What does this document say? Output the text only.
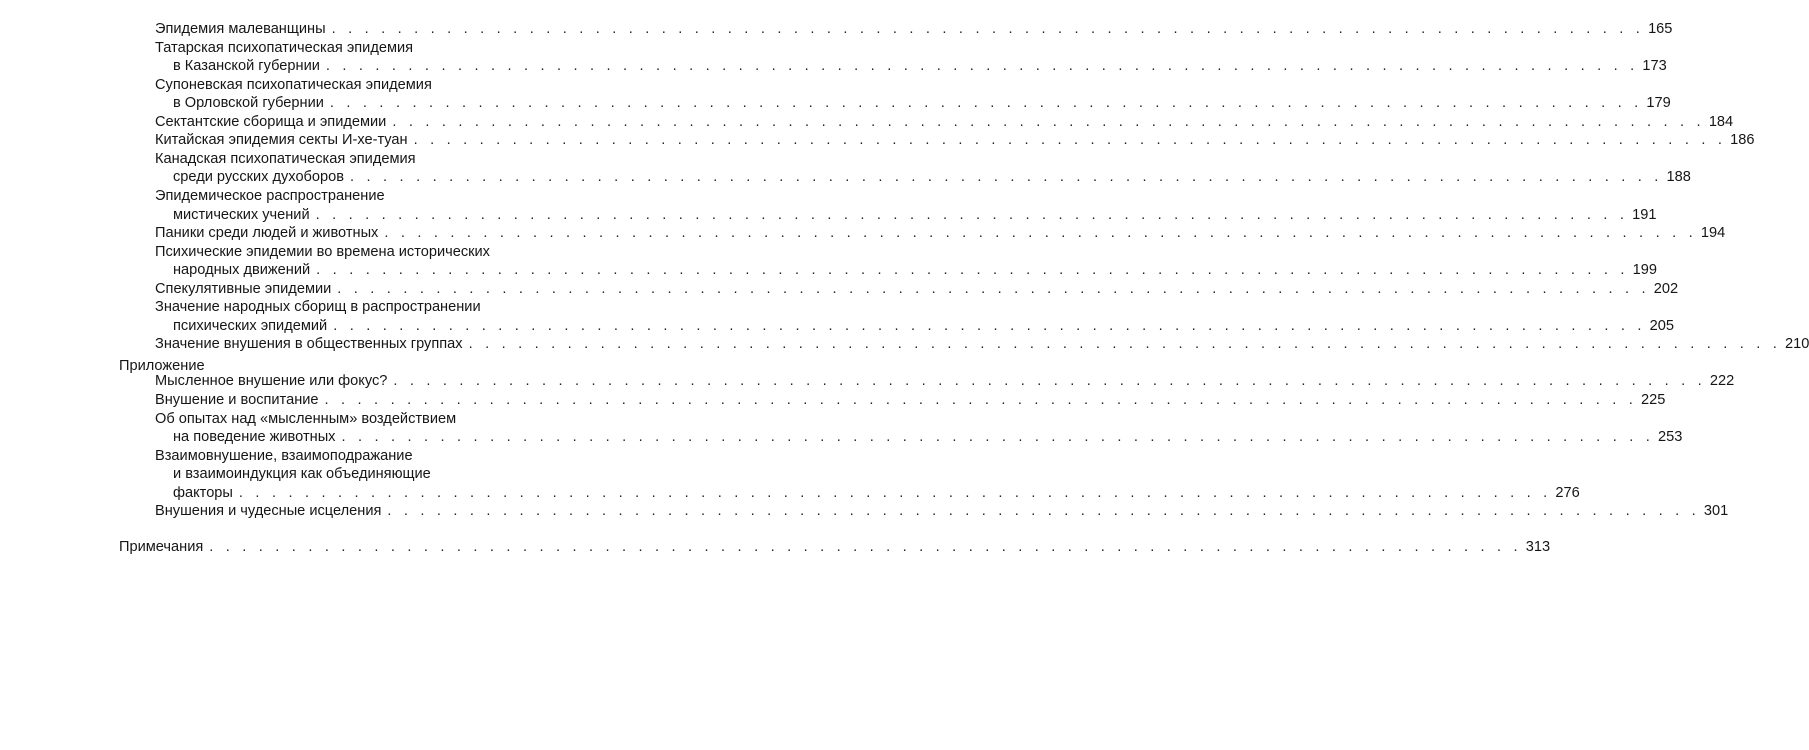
Эпидемия малеванщины . . . . . . . . . . . . . . . . . . . . . . . . . . . . . . . . . . . . . . . . . . . . . . . . . . . . . . . . . . . . . . . . . . . . . . . . . . . . . . . . 165
Татарская психопатическая эпидемия
в Казанской губернии . . . . . . . . . . . . . . . . . . . . . . . . . . . . . . . . . . . . . . . . . . . . . . . . . . . . . . . . . . . . . . . . . . . . . . . . . . . . . . . . 173
Супоневская психопатическая эпидемия
в Орловской губернии . . . . . . . . . . . . . . . . . . . . . . . . . . . . . . . . . . . . . . . . . . . . . . . . . . . . . . . . . . . . . . . . . . . . . . . . . . . . . . . . 179
Сектантские сборища и эпидемии . . . . . . . . . . . . . . . . . . . . . . . . . . . . . . . . . . . . . . . . . . . . . . . . . . . . . . . . . . . . . . . . . . . . . . . . . . . . . . . . 184
Китайская эпидемия секты И-хе-туан . . . . . . . . . . . . . . . . . . . . . . . . . . . . . . . . . . . . . . . . . . . . . . . . . . . . . . . . . . . . . . . . . . . . . . . . . . . . . . . . 186
Канадская психопатическая эпидемия
среди русских духоборов . . . . . . . . . . . . . . . . . . . . . . . . . . . . . . . . . . . . . . . . . . . . . . . . . . . . . . . . . . . . . . . . . . . . . . . . . . . . . . . . 188
Эпидемическое распространение
мистических учений . . . . . . . . . . . . . . . . . . . . . . . . . . . . . . . . . . . . . . . . . . . . . . . . . . . . . . . . . . . . . . . . . . . . . . . . . . . . . . . . 191
Паники среди людей и животных . . . . . . . . . . . . . . . . . . . . . . . . . . . . . . . . . . . . . . . . . . . . . . . . . . . . . . . . . . . . . . . . . . . . . . . . . . . . . . . . 194
Психические эпидемии во времена исторических
народных движений . . . . . . . . . . . . . . . . . . . . . . . . . . . . . . . . . . . . . . . . . . . . . . . . . . . . . . . . . . . . . . . . . . . . . . . . . . . . . . . . 199
Спекулятивные эпидемии . . . . . . . . . . . . . . . . . . . . . . . . . . . . . . . . . . . . . . . . . . . . . . . . . . . . . . . . . . . . . . . . . . . . . . . . . . . . . . . . 202
Значение народных сборищ в распространении
психических эпидемий . . . . . . . . . . . . . . . . . . . . . . . . . . . . . . . . . . . . . . . . . . . . . . . . . . . . . . . . . . . . . . . . . . . . . . . . . . . . . . . . 205
Значение внушения в общественных группах . . . . . . . . . . . . . . . . . . . . . . . . . . . . . . . . . . . . . . . . . . . . . . . . . . . . . . . . . . . . . . . . . . . . . . . . . . . . . . . . 210
Приложение
Мысленное внушение или фокус? . . . . . . . . . . . . . . . . . . . . . . . . . . . . . . . . . . . . . . . . . . . . . . . . . . . . . . . . . . . . . . . . . . . . . . . . . . . . . . . . 222
Внушение и воспитание . . . . . . . . . . . . . . . . . . . . . . . . . . . . . . . . . . . . . . . . . . . . . . . . . . . . . . . . . . . . . . . . . . . . . . . . . . . . . . . . 225
Об опытах над «мысленным» воздействием
на поведение животных . . . . . . . . . . . . . . . . . . . . . . . . . . . . . . . . . . . . . . . . . . . . . . . . . . . . . . . . . . . . . . . . . . . . . . . . . . . . . . . . 253
Взаимовнушение, взаимоподражание
и взаимоиндукция как объединяющие
факторы . . . . . . . . . . . . . . . . . . . . . . . . . . . . . . . . . . . . . . . . . . . . . . . . . . . . . . . . . . . . . . . . . . . . . . . . . . . . . . . . 276
Внушения и чудесные исцеления . . . . . . . . . . . . . . . . . . . . . . . . . . . . . . . . . . . . . . . . . . . . . . . . . . . . . . . . . . . . . . . . . . . . . . . . . . . . . . . . 301
Примечания . . . . . . . . . . . . . . . . . . . . . . . . . . . . . . . . . . . . . . . . . . . . . . . . . . . . . . . . . . . . . . . . . . . . . . . . . . . . . . . . 313
